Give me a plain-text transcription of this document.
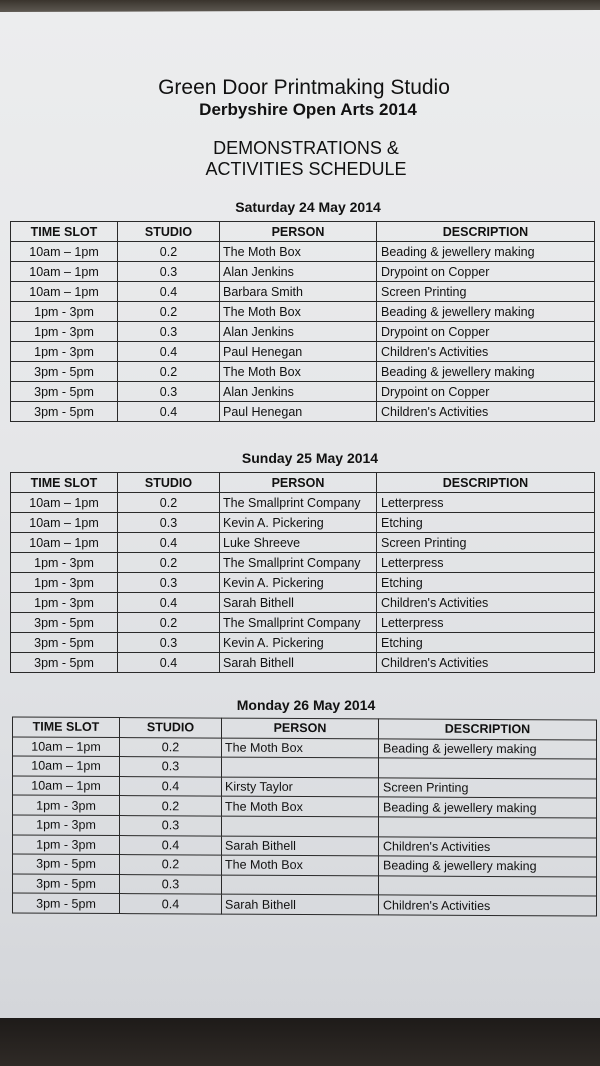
Green Door Printmaking Studio
Derbyshire Open Arts 2014
DEMONSTRATIONS &
ACTIVITIES SCHEDULE
Saturday 24 May 2014
TIME SLOT	STUDIO	PERSON	DESCRIPTION
10am – 1pm	0.2	The Moth Box	Beading & jewellery making
10am – 1pm	0.3	Alan Jenkins	Drypoint on Copper
10am – 1pm	0.4	Barbara Smith	Screen Printing
1pm - 3pm	0.2	The Moth Box	Beading & jewellery making
1pm - 3pm	0.3	Alan Jenkins	Drypoint on Copper
1pm - 3pm	0.4	Paul Henegan	Children's Activities
3pm - 5pm	0.2	The Moth Box	Beading & jewellery making
3pm - 5pm	0.3	Alan Jenkins	Drypoint on Copper
3pm - 5pm	0.4	Paul Henegan	Children's Activities
Sunday 25 May 2014
TIME SLOT	STUDIO	PERSON	DESCRIPTION
10am – 1pm	0.2	The Smallprint Company	Letterpress
10am – 1pm	0.3	Kevin A. Pickering	Etching
10am – 1pm	0.4	Luke Shreeve	Screen Printing
1pm - 3pm	0.2	The Smallprint Company	Letterpress
1pm - 3pm	0.3	Kevin A. Pickering	Etching
1pm - 3pm	0.4	Sarah Bithell	Children's Activities
3pm - 5pm	0.2	The Smallprint Company	Letterpress
3pm - 5pm	0.3	Kevin A. Pickering	Etching
3pm - 5pm	0.4	Sarah Bithell	Children's Activities
Monday 26 May 2014
TIME SLOT	STUDIO	PERSON	DESCRIPTION
10am – 1pm	0.2	The Moth Box	Beading & jewellery making
10am – 1pm	0.3		
10am – 1pm	0.4	Kirsty Taylor	Screen Printing
1pm - 3pm	0.2	The Moth Box	Beading & jewellery making
1pm - 3pm	0.3		
1pm - 3pm	0.4	Sarah Bithell	Children's Activities
3pm - 5pm	0.2	The Moth Box	Beading & jewellery making
3pm - 5pm	0.3		
3pm - 5pm	0.4	Sarah Bithell	Children's Activities
